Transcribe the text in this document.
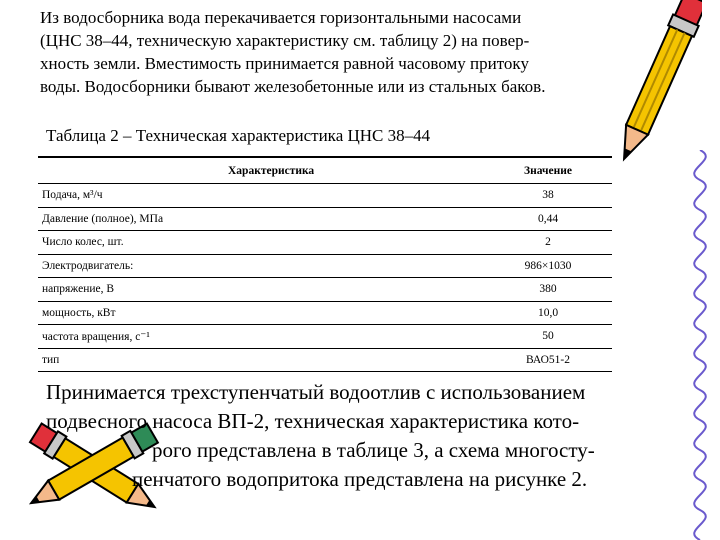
Из водосборника вода перекачивается горизонтальными насосами
(ЦНС 38–44, техническую характеристику см. таблицу 2) на повер-
хность земли. Вместимость принимается равной часовому притоку
воды. Водосборники бывают железобетонные или из стальных баков.

Таблица 2 – Техническая характеристика ЦНС 38–44

Характеристика	Значение
Подача, м³/ч	38
Давление (полное), МПа	0,44
Число колес, шт.	2
Электродвигатель:	986×1030
напряжение, В	380
мощность, кВт	10,0
частота вращения, с⁻¹	50
тип	ВАО51-2

Принимается трехступенчатый водоотлив с использованием
подвесного насоса ВП-2, техническая характеристика кото-
рого представлена в таблице 3, а схема многосту-
пенчатого водопритока представлена на рисунке 2.
